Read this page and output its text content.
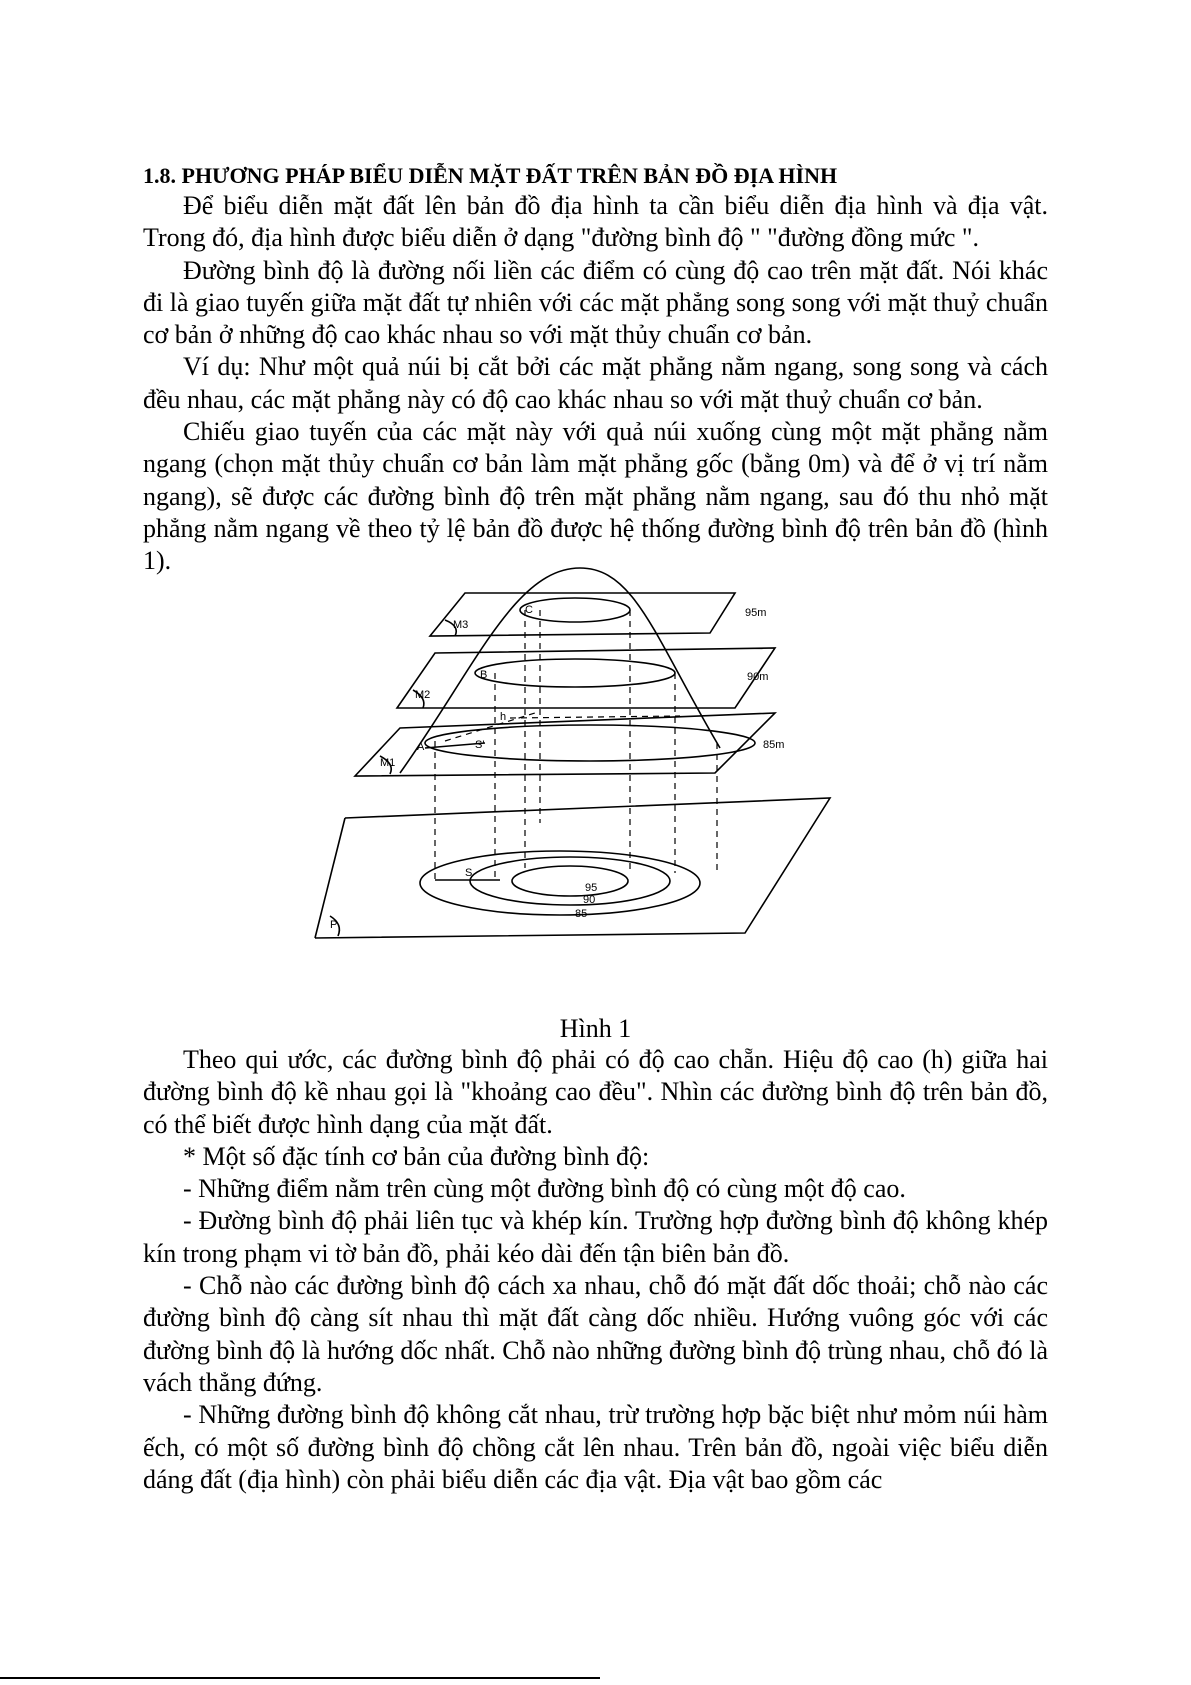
1.8. PHƯƠNG PHÁP BIỂU DIỄN MẶT ĐẤT TRÊN BẢN ĐỒ ĐỊA HÌNH

Để biểu diễn mặt đất lên bản đồ địa hình ta cần biểu diễn địa hình và địa vật. Trong đó, địa hình được biểu diễn ở dạng "đường bình độ " "đường đồng mức ".

Đường bình độ là đường nối liền các điểm có cùng độ cao trên mặt đất. Nói khác đi là giao tuyến giữa mặt đất tự nhiên với các mặt phẳng song song với mặt thuỷ chuẩn cơ bản ở những độ cao khác nhau so với mặt thủy chuẩn cơ bản.

Ví dụ: Như một quả núi bị cắt bởi các mặt phẳng nằm ngang, song song và cách đều nhau, các mặt phẳng này có độ cao khác nhau so với mặt thuỷ chuẩn cơ bản.

Chiếu giao tuyến của các mặt này với quả núi xuống cùng một mặt phẳng nằm ngang (chọn mặt thủy chuẩn cơ bản làm mặt phẳng gốc (bằng 0m) và để ở vị trí nằm ngang), sẽ được các đường bình độ trên mặt phẳng nằm ngang, sau đó thu nhỏ mặt phẳng nằm ngang về theo tỷ lệ bản đồ được hệ thống đường bình độ trên bản đồ (hình 1).

M3
95m
C
M2
90m
B
h
S'
A	85m
M1
S
95
90
85
P
Hình 1

Theo qui ước, các đường bình độ phải có độ cao chẵn. Hiệu độ cao (h) giữa hai đường bình độ kề nhau gọi là "khoảng cao đều". Nhìn các đường bình độ trên bản đồ, có thể biết được hình dạng của mặt đất.

* Một số đặc tính cơ bản của đường bình độ:

- Những điểm nằm trên cùng một đường bình độ có cùng một độ cao.

- Đường bình độ phải liên tục và khép kín. Trường hợp đường bình độ không khép kín trong phạm vi tờ bản đồ, phải kéo dài đến tận biên bản đồ.

- Chỗ nào các đường bình độ cách xa nhau, chỗ đó mặt đất dốc thoải; chỗ nào các đường bình độ càng sít nhau thì mặt đất càng dốc nhiều. Hướng vuông góc với các đường bình độ là hướng dốc nhất. Chỗ nào những đường bình độ trùng nhau, chỗ đó là vách thẳng đứng.

- Những đường bình độ không cắt nhau, trừ trường hợp bặc biệt như mỏm núi hàm ếch, có một số đường bình độ chồng cắt lên nhau. Trên bản đồ, ngoài việc biểu diễn dáng đất (địa hình) còn phải biểu diễn các địa vật. Địa vật bao gồm các
